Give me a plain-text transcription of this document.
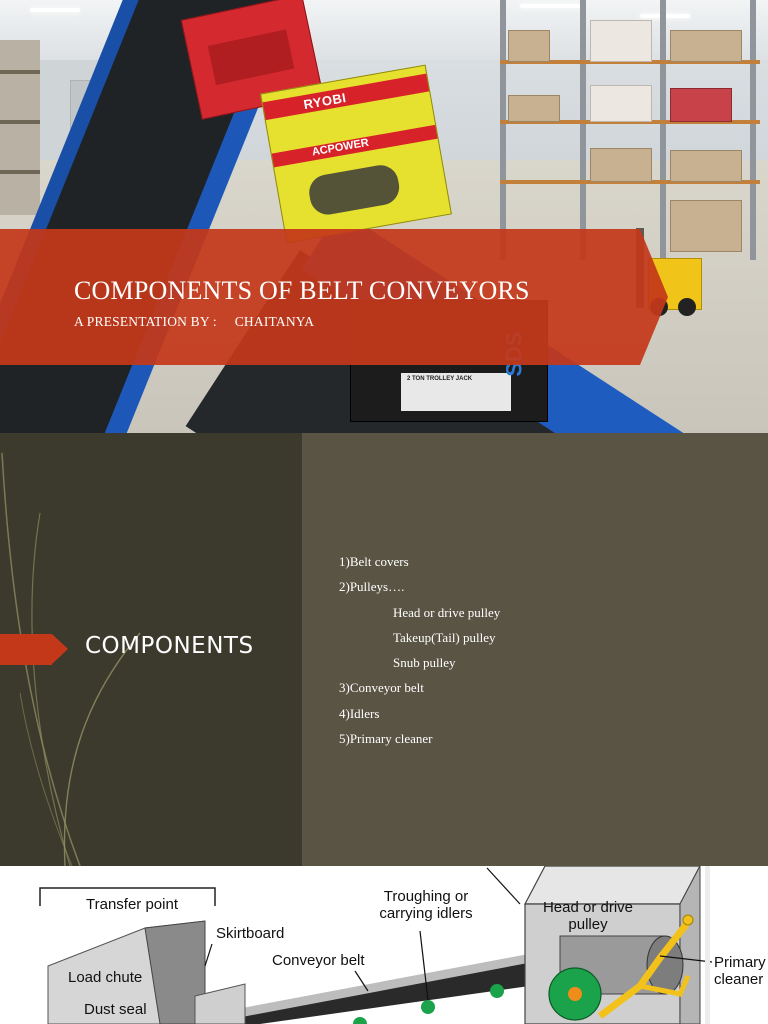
RYOBI
ACPOWER
2 TON TROLLEY JACK
COMPONENTS OF BELT CONVEYORS
A PRESENTATION BY :     CHAITANYA
COMPONENTS
1)Belt covers
2)Pulleys….
Head or drive pulley
Takeup(Tail) pulley
Snub pulley
3)Conveyor belt
4)Idlers
5)Primary cleaner
Transfer point
Skirtboard
Troughing or
carrying idlers	Head or drive
pulley
Load chute
Conveyor belt
Dust seal
Primary
cleaner
